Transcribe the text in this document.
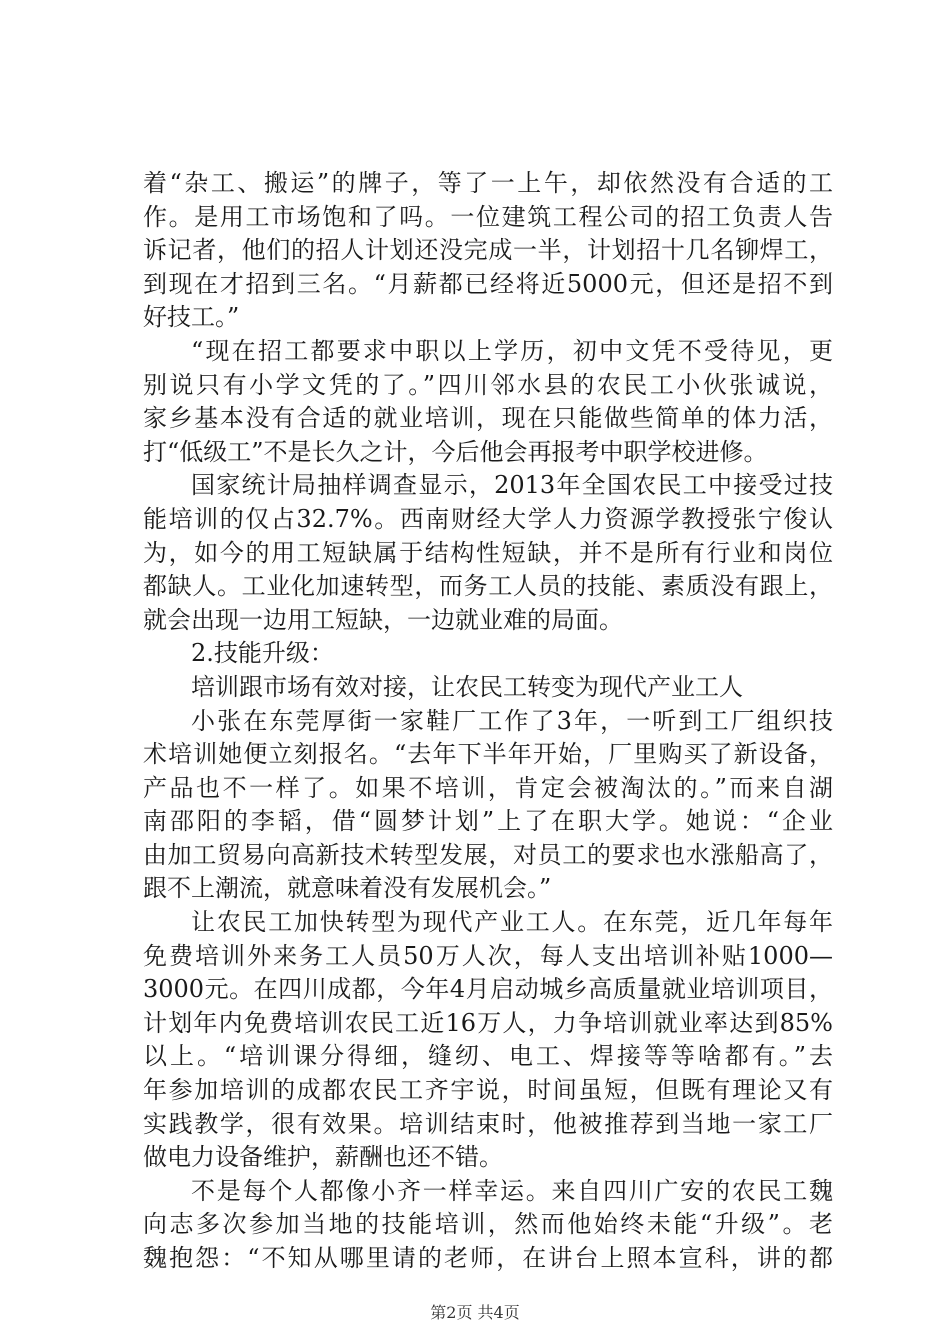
着“杂工、搬运”的牌子，等了一上午，却依然没有合适的工
作。是用工市场饱和了吗。一位建筑工程公司的招工负责人告
诉记者，他们的招人计划还没完成一半，计划招十几名铆焊工，
到现在才招到三名。“月薪都已经将近5000元，但还是招不到
好技工。”
“现在招工都要求中职以上学历，初中文凭不受待见，更
别说只有小学文凭的了。”四川邻水县的农民工小伙张诚说，
家乡基本没有合适的就业培训，现在只能做些简单的体力活，
打“低级工”不是长久之计，今后他会再报考中职学校进修。
国家统计局抽样调查显示，2013年全国农民工中接受过技
能培训的仅占32.7%。西南财经大学人力资源学教授张宁俊认
为，如今的用工短缺属于结构性短缺，并不是所有行业和岗位
都缺人。工业化加速转型，而务工人员的技能、素质没有跟上，
就会出现一边用工短缺，一边就业难的局面。
2.技能升级：
培训跟市场有效对接，让农民工转变为现代产业工人
小张在东莞厚街一家鞋厂工作了3年，一听到工厂组织技
术培训她便立刻报名。“去年下半年开始，厂里购买了新设备，
产品也不一样了。如果不培训，肯定会被淘汰的。”而来自湖
南邵阳的李韬，借“圆梦计划”上了在职大学。她说：“企业
由加工贸易向高新技术转型发展，对员工的要求也水涨船高了，
跟不上潮流，就意味着没有发展机会。”
让农民工加快转型为现代产业工人。在东莞，近几年每年
免费培训外来务工人员50万人次，每人支出培训补贴1000—
3000元。在四川成都，今年4月启动城乡高质量就业培训项目，
计划年内免费培训农民工近16万人，力争培训就业率达到85%
以上。“培训课分得细，缝纫、电工、焊接等等啥都有。”去
年参加培训的成都农民工齐宇说，时间虽短，但既有理论又有
实践教学，很有效果。培训结束时，他被推荐到当地一家工厂
做电力设备维护，薪酬也还不错。
不是每个人都像小齐一样幸运。来自四川广安的农民工魏
向志多次参加当地的技能培训，然而他始终未能“升级”。老
魏抱怨：“不知从哪里请的老师，在讲台上照本宣科，讲的都
第2页 共4页
